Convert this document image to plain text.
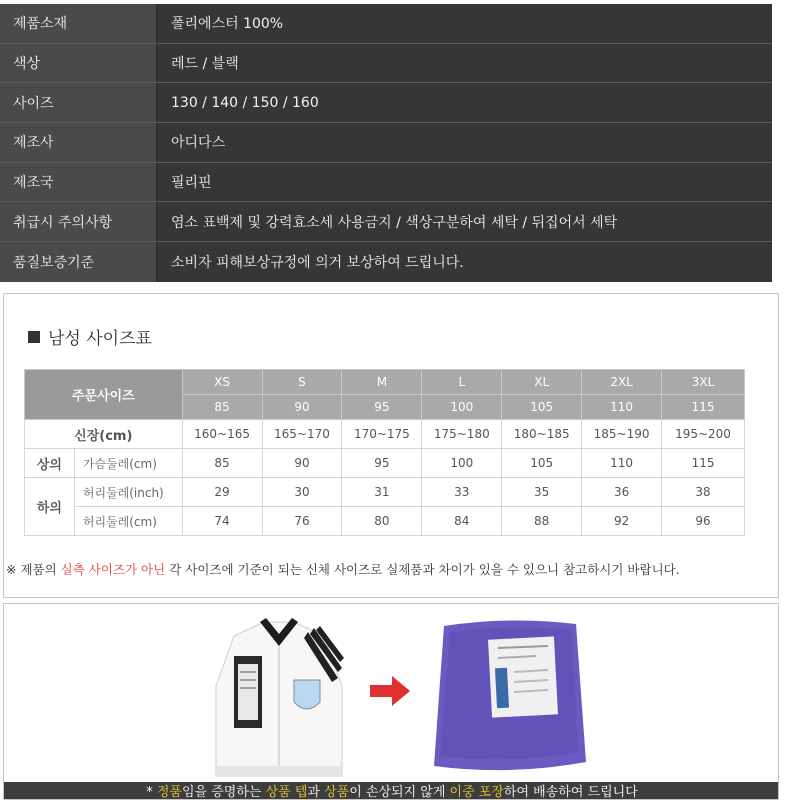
제품소재	폴리에스터 100%
색상	레드 / 블랙
사이즈	130 / 140 / 150 / 160
제조사	아디다스
제조국	필리핀
취급시 주의사항	염소 표백제 및 강력효소세 사용금지 / 색상구분하여 세탁 / 뒤집어서 세탁
품질보증기준	소비자 피해보상규정에 의거 보상하여 드립니다.
남성 사이즈표
주문사이즈		XS	S	M	L	XL	2XL	3XL
		85	90	95	100	105	110	115
신장(cm)		160~165	165~170	170~175	175~180	180~185	185~190	195~200
상의	가슴둘레(cm)	85	90	95	100	105	110	115
하의	허리둘레(inch)	29	30	31	33	35	36	38
	허리둘레(cm)	74	76	80	84	88	92	96
※ 제품의 실측 사이즈가 아닌 각 사이즈에 기준이 되는 신체 사이즈로 실제품과 차이가 있을 수 있으니 참고하시기 바랍니다.
* 정품임을 증명하는 상품 텝과 상품이 손상되지 않게 이중 포장하여 배송하여 드립니다
